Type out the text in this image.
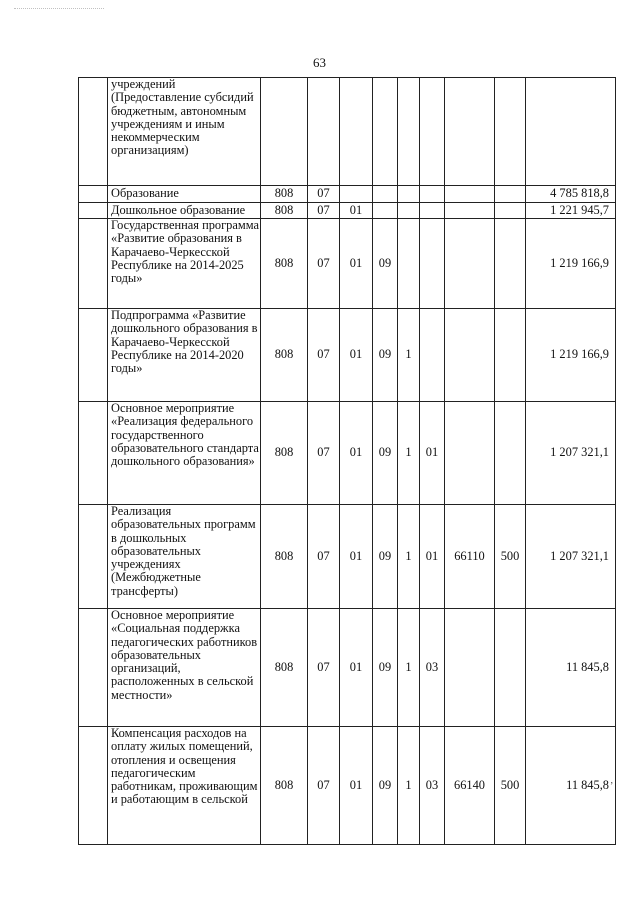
63
	учреждений (Предоставление субсидий бюджетным, автономным учреждениям и иным некоммерческим организациям)									
	Образование	808	07							4 785 818,8
	Дошкольное образование	808	07	01						1 221 945,7
	Государственная программа «Развитие образования в Карачаево-Черкесской Республике на 2014-2025 годы»	808	07	01	09					1 219 166,9
	Подпрограмма «Развитие дошкольного образования в Карачаево-Черкесской Республике на 2014-2020 годы»	808	07	01	09	1				1 219 166,9
	Основное мероприятие «Реализация федерального государственного образовательного стандарта дошкольного образования»	808	07	01	09	1	01			1 207 321,1
	Реализация образовательных программ в дошкольных образовательных учреждениях (Межбюджетные трансферты)	808	07	01	09	1	01	66110	500	1 207 321,1
	Основное мероприятие «Социальная поддержка педагогических работников образовательных организаций, расположенных в сельской местности»	808	07	01	09	1	03			11 845,8
	Компенсация расходов на оплату жилых помещений, отопления и освещения педагогическим работникам, проживающим и работающим в сельской	808	07	01	09	1	03	66140	500	11 845,8 ʼ
